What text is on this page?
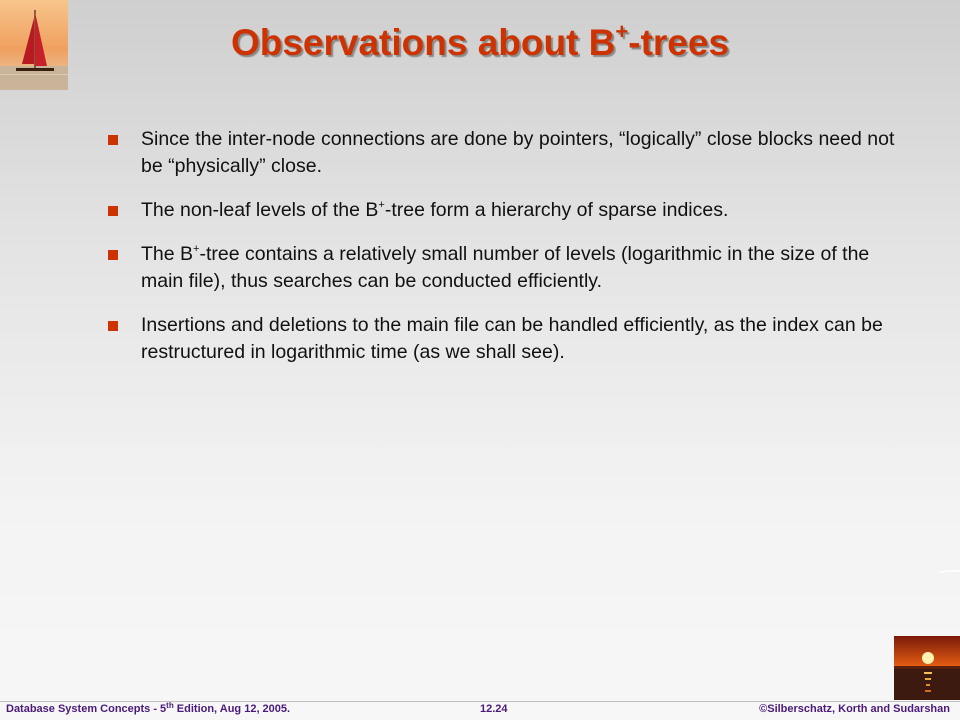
Observations about B+-trees
Since the inter-node connections are done by pointers, “logically” close blocks need not be “physically” close.
The non-leaf levels of the B+-tree form a hierarchy of sparse indices.
The B+-tree contains a relatively small number of levels (logarithmic in the size of the main file), thus searches can be conducted efficiently.
Insertions and deletions to the main file can be handled efficiently, as the index can be restructured in logarithmic time (as we shall see).
Database System Concepts - 5th Edition, Aug 12, 2005.	12.24	©Silberschatz, Korth and Sudarshan
